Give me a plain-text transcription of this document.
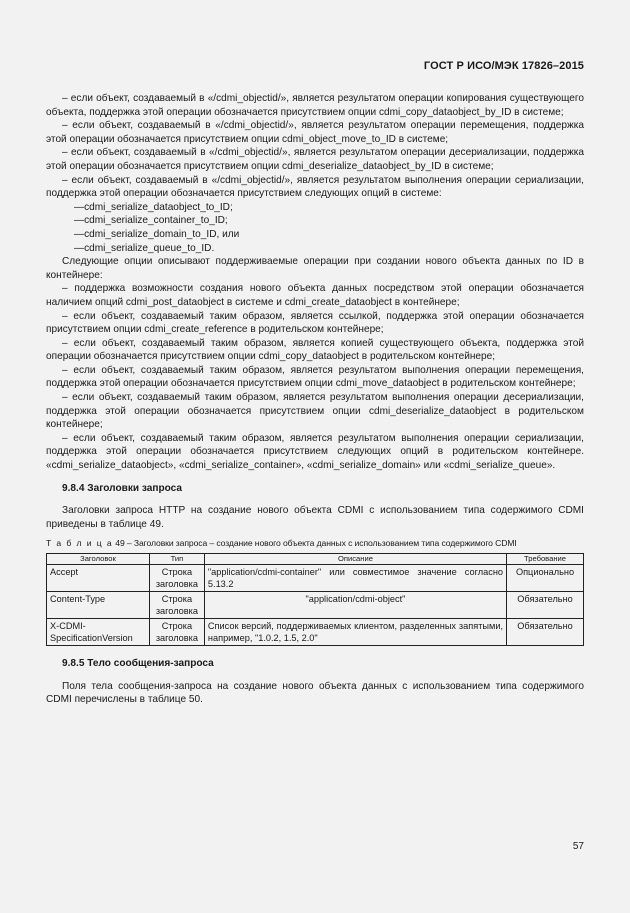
ГОСТ Р ИСО/МЭК 17826–2015

– если объект, создаваемый в «/cdmi_objectid/», является результатом операции копирования существующего объекта, поддержка этой операции обозначается присутствием опции cdmi_copy_dataobject_by_ID в системе;

– если объект, создаваемый в «/cdmi_objectid/», является результатом операции перемещения, поддержка этой операции обозначается присутствием опции cdmi_object_move_to_ID в системе;

– если объект, создаваемый в «/cdmi_objectid/», является результатом операции десериализации, поддержка этой операции обозначается присутствием опции cdmi_deserialize_dataobject_by_ID в системе;

– если объект, создаваемый в «/cdmi_objectid/», является результатом выполнения операции сериализации, поддержка этой операции обозначается присутствием следующих опций в системе:

—cdmi_serialize_dataobject_to_ID;

—cdmi_serialize_container_to_ID;

—cdmi_serialize_domain_to_ID, или

—cdmi_serialize_queue_to_ID.

Следующие опции описывают поддерживаемые операции при создании нового объекта данных по ID в контейнере:

– поддержка возможности создания нового объекта данных посредством этой операции обозначается наличием опций cdmi_post_dataobject в системе и cdmi_create_dataobject в контейнере;

– если объект, создаваемый таким образом, является ссылкой, поддержка этой операции обозначается присутствием опции cdmi_create_reference в родительском контейнере;

– если объект, создаваемый таким образом, является копией существующего объекта, поддержка этой операции обозначается присутствием опции cdmi_copy_dataobject в родительском контейнере;

– если объект, создаваемый таким образом, является результатом выполнения операции перемещения, поддержка этой операции обозначается присутствием опции cdmi_move_dataobject в родительском контейнере;

– если объект, создаваемый таким образом, является результатом выполнения операции десериализации, поддержка этой операции обозначается присутствием опции cdmi_deserialize_dataobject в родительском контейнере;

– если объект, создаваемый таким образом, является результатом выполнения операции сериализации, поддержка этой операции обозначается присутствием следующих опций в родительском контейнере. «cdmi_serialize_dataobject», «cdmi_serialize_container», «cdmi_serialize_domain» или «cdmi_serialize_queue».

9.8.4 Заголовки запроса

Заголовки запроса HTTP на создание нового объекта CDMI с использованием типа содержимого CDMI приведены в таблице 49.

Т а б л и ц а 49 – Заголовки запроса – создание нового объекта данных с использованием типа содержимого CDMI

Заголовок	Тип	Описание	Требование
Accept	Строка заголовка	"application/cdmi-container" или совместимое значение согласно 5.13.2	Опционально
Content-Type	Строка заголовка	"application/cdmi-object"	Обязательно
X-CDMI-SpecificationVersion	Строка заголовка	Список версий, поддерживаемых клиентом, разделенных запятыми, например, "1.0.2, 1.5, 2.0"	Обязательно

9.8.5 Тело сообщения-запроса

Поля тела сообщения-запроса на создание нового объекта данных с использованием типа содержимого CDMI перечислены в таблице 50.

57
